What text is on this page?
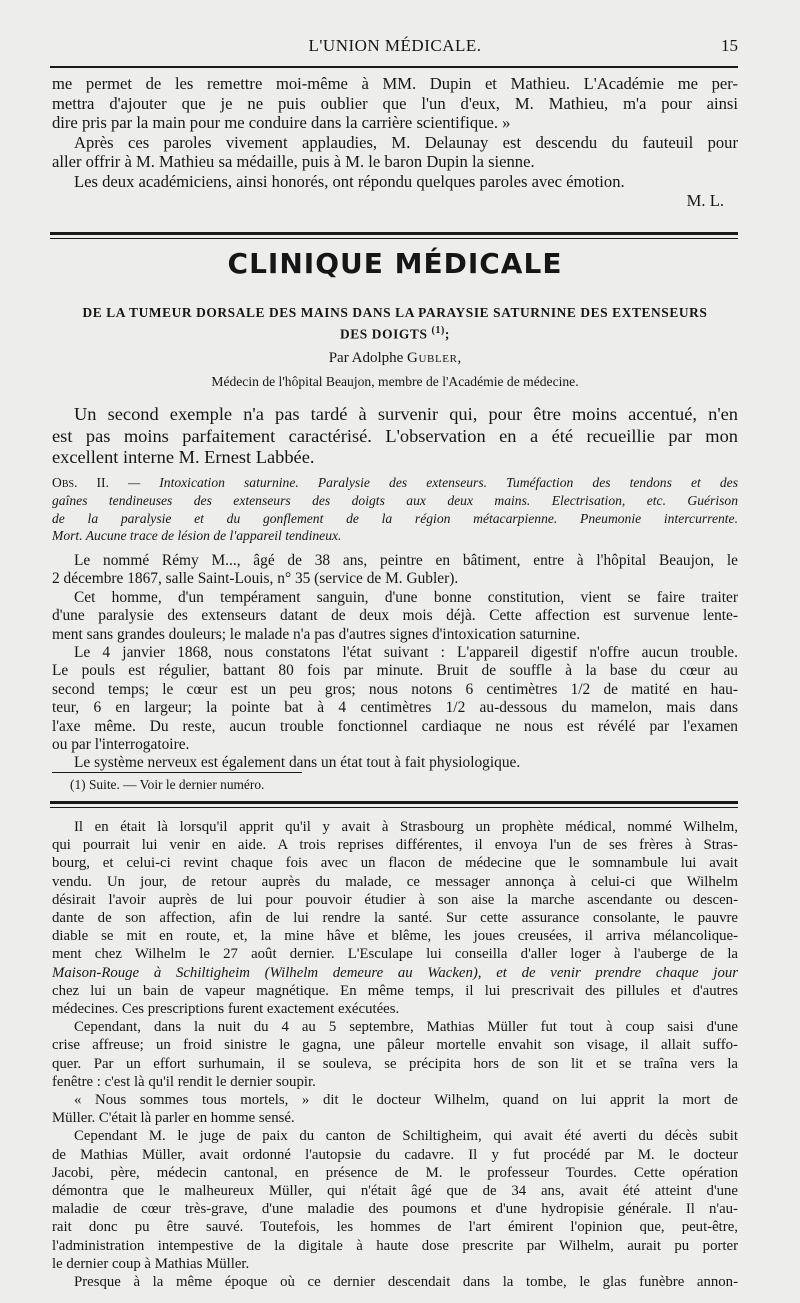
L'UNION MÉDICALE.	15
me permet de les remettre moi-même à MM. Dupin et Mathieu. L'Académie me per-
mettra d'ajouter que je ne puis oublier que l'un d'eux, M. Mathieu, m'a pour ainsi
dire pris par la main pour me conduire dans la carrière scientifique. »
Après ces paroles vivement applaudies, M. Delaunay est descendu du fauteuil pour
aller offrir à M. Mathieu sa médaille, puis à M. le baron Dupin la sienne.
Les deux académiciens, ainsi honorés, ont répondu quelques paroles avec émotion.
M. L.
CLINIQUE MÉDICALE
DE LA TUMEUR DORSALE DES MAINS DANS LA PARAYSIE SATURNINE DES EXTENSEURS
DES DOIGTS $^{(1)}$;
Par Adolphe Gubler,
Médecin de l'hôpital Beaujon, membre de l'Académie de médecine.
Un second exemple n'a pas tardé à survenir qui, pour être moins accentué, n'en
est pas moins parfaitement caractérisé. L'observation en a été recueillie par mon
excellent interne M. Ernest Labbée.
Obs. II. — Intoxication saturnine. Paralysie des extenseurs. Tuméfaction des tendons et des
gaînes tendineuses des extenseurs des doigts aux deux mains. Electrisation, etc. Guérison
de la paralysie et du gonflement de la région métacarpienne. Pneumonie intercurrente.
Mort. Aucune trace de lésion de l'appareil tendineux.
Le nommé Rémy M..., âgé de 38 ans, peintre en bâtiment, entre à l'hôpital Beaujon, le
2 décembre 1867, salle Saint-Louis, n° 35 (service de M. Gubler).
Cet homme, d'un tempérament sanguin, d'une bonne constitution, vient se faire traiter
d'une paralysie des extenseurs datant de deux mois déjà. Cette affection est survenue lente-
ment sans grandes douleurs; le malade n'a pas d'autres signes d'intoxication saturnine.
Le 4 janvier 1868, nous constatons l'état suivant : L'appareil digestif n'offre aucun trouble.
Le pouls est régulier, battant 80 fois par minute. Bruit de souffle à la base du cœur au
second temps; le cœur est un peu gros; nous notons 6 centimètres 1/2 de matité en hau-
teur, 6 en largeur; la pointe bat à 4 centimètres 1/2 au-dessous du mamelon, mais dans
l'axe même. Du reste, aucun trouble fonctionnel cardiaque ne nous est révélé par l'examen
ou par l'interrogatoire.
Le système nerveux est également dans un état tout à fait physiologique.
(1) Suite. — Voir le dernier numéro.
Il en était là lorsqu'il apprit qu'il y avait à Strasbourg un prophète médical, nommé Wilhelm,
qui pourrait lui venir en aide. A trois reprises différentes, il envoya l'un de ses frères à Stras-
bourg, et celui-ci revint chaque fois avec un flacon de médecine que le somnambule lui avait
vendu. Un jour, de retour auprès du malade, ce messager annonça à celui-ci que Wilhelm
désirait l'avoir auprès de lui pour pouvoir étudier à son aise la marche ascendante ou descen-
dante de son affection, afin de lui rendre la santé. Sur cette assurance consolante, le pauvre
diable se mit en route, et, la mine hâve et blême, les joues creusées, il arriva mélancolique-
ment chez Wilhelm le 27 août dernier. L'Esculape lui conseilla d'aller loger à l'auberge de la
Maison-Rouge à Schiltigheim (Wilhelm demeure au Wacken), et de venir prendre chaque jour
chez lui un bain de vapeur magnétique. En même temps, il lui prescrivait des pillules et d'autres
médecines. Ces prescriptions furent exactement exécutées.
Cependant, dans la nuit du 4 au 5 septembre, Mathias Müller fut tout à coup saisi d'une
crise affreuse; un froid sinistre le gagna, une pâleur mortelle envahit son visage, il allait suffo-
quer. Par un effort surhumain, il se souleva, se précipita hors de son lit et se traîna vers la
fenêtre : c'est là qu'il rendit le dernier soupir.
« Nous sommes tous mortels, » dit le docteur Wilhelm, quand on lui apprit la mort de
Müller. C'était là parler en homme sensé.
Cependant M. le juge de paix du canton de Schiltigheim, qui avait été averti du décès subit
de Mathias Müller, avait ordonné l'autopsie du cadavre. Il y fut procédé par M. le docteur
Jacobi, père, médecin cantonal, en présence de M. le professeur Tourdes. Cette opération
démontra que le malheureux Müller, qui n'était âgé que de 34 ans, avait été atteint d'une
maladie de cœur très-grave, d'une maladie des poumons et d'une hydropisie générale. Il n'au-
rait donc pu être sauvé. Toutefois, les hommes de l'art émirent l'opinion que, peut-être,
l'administration intempestive de la digitale à haute dose prescrite par Wilhelm, aurait pu porter
le dernier coup à Mathias Müller.
Presque à la même époque où ce dernier descendait dans la tombe, le glas funèbre annon-
